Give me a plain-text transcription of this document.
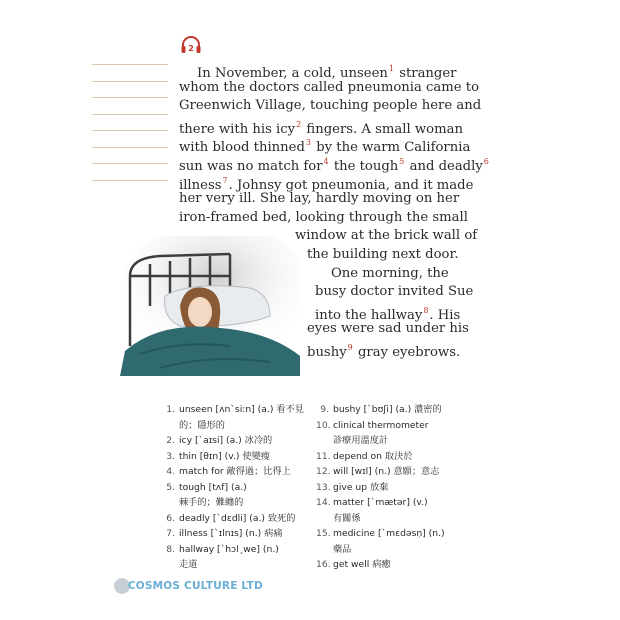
2
In November, a cold, unseen$^1$ stranger
whom the doctors called pneumonia came to
Greenwich Village, touching people here and
there with his icy$^2$ fingers. A small woman
with blood thinned$^3$ by the warm California
sun was no match for$^4$ the tough$^5$ and deadly$^6$
illness$^7$. Johnsy got pneumonia, and it made
her very ill. She lay, hardly moving on her
iron-framed bed, looking through the small
window at the brick wall of
the building next door.
One morning, the
busy doctor invited Sue
into the hallway$^8$. His
eyes were sad under his
bushy$^9$ gray eyebrows.
1. unseen [ʌnˋsiːn] (a.) 看不見
的；隱形的
2. icy [ˋaɪsi] (a.) 冰冷的
3. thin [θɪn] (v.) 使變瘦
4. match for 敵得過；比得上
5. tough [tʌf] (a.)
棘手的；難纏的
6. deadly [ˋdɛdli] (a.) 致死的
7. illness [ˋɪlnɪs] (n.) 病痛
8. hallway [ˋhɔlˏwe] (n.)
走道
9. bushy [ˋbʊʃi] (a.) 濃密的
10. clinical thermometer
診療用溫度計
11. depend on 取決於
12. will [wɪl] (n.) 意願；意志
13. give up 放棄
14. matter [ˋmætər] (v.)
有關係
15. medicine [ˋmɛdəsṇ] (n.)
藥品
16. get well 病癒
COSMOS CULTURE LTD
